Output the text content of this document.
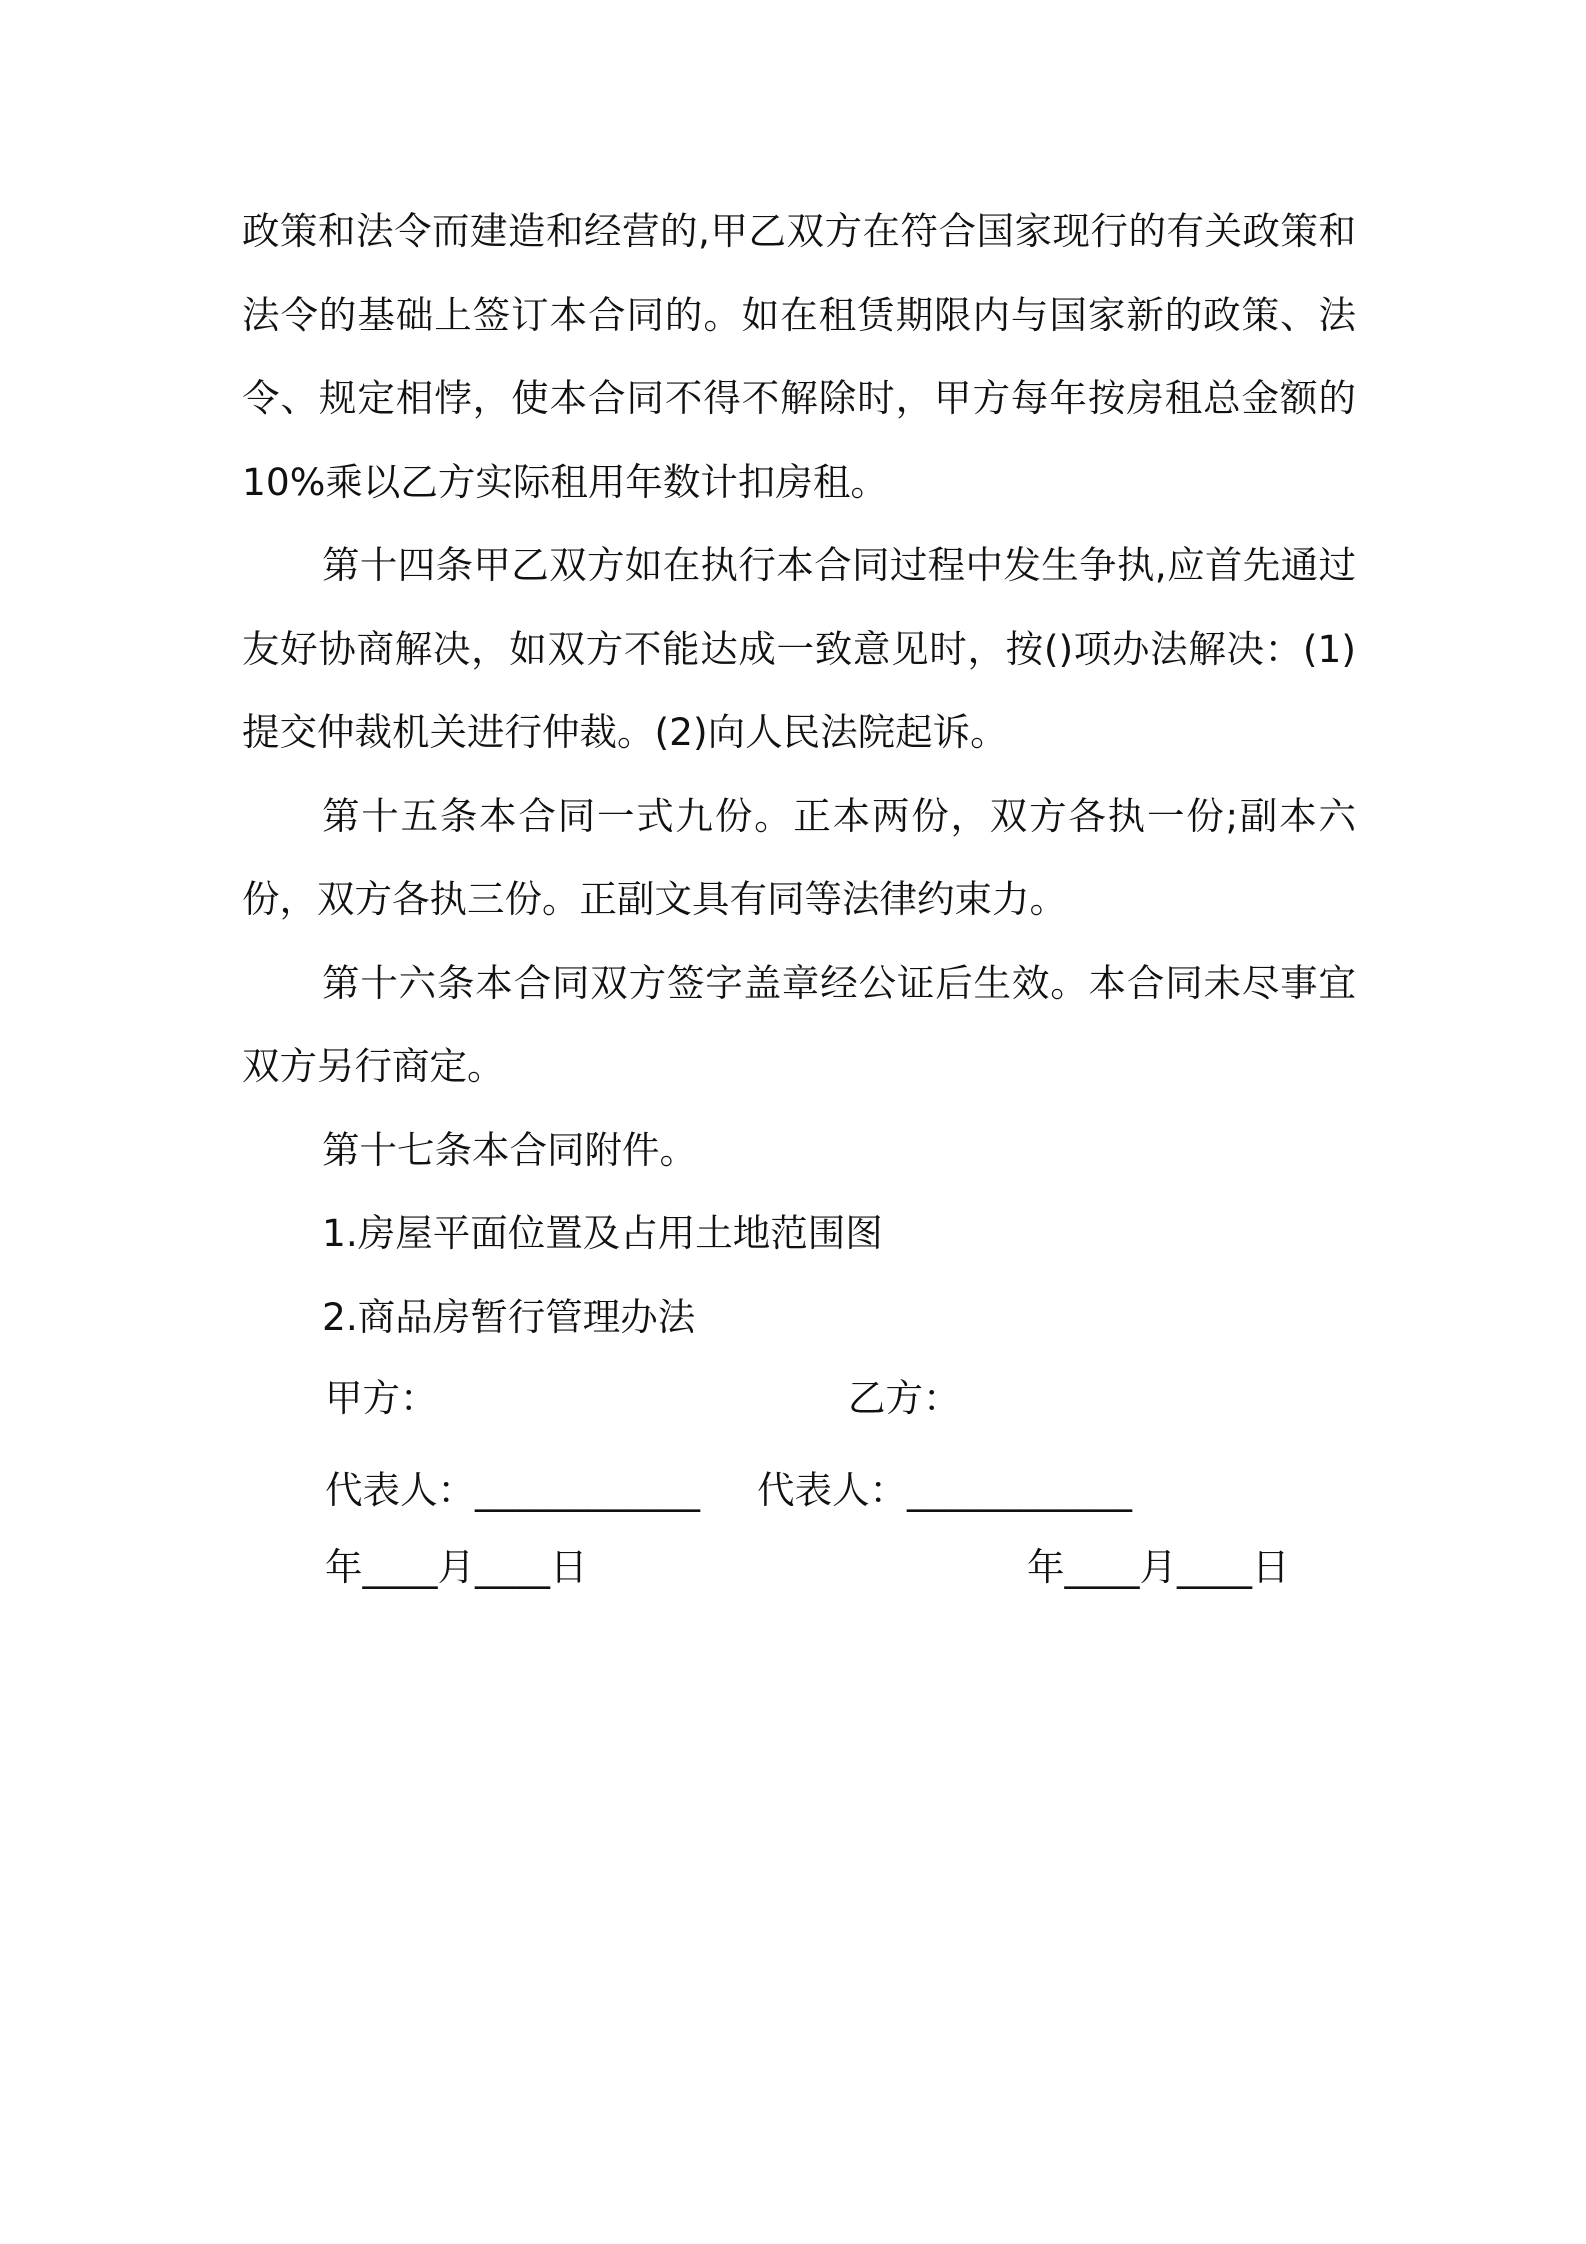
政策和法令而建造和经营的,甲乙双方在符合国家现行的有关政策和法令的基础上签订本合同的。如在租赁期限内与国家新的政策、法令、规定相悖，使本合同不得不解除时，甲方每年按房租总金额的 10%乘以乙方实际租用年数计扣房租。

第十四条甲乙双方如在执行本合同过程中发生争执,应首先通过友好协商解决，如双方不能达成一致意见时，按()项办法解决：(1)提交仲裁机关进行仲裁。(2)向人民法院起诉。

第十五条本合同一式九份。正本两份，双方各执一份;副本六份，双方各执三份。正副文具有同等法律约束力。

第十六条本合同双方签字盖章经公证后生效。本合同未尽事宜双方另行商定。

第十七条本合同附件。

1.房屋平面位置及占用土地范围图

2.商品房暂行管理办法

甲方：	乙方：
代表人：____________ 代表人：____________
年____月____日	年____月____日
